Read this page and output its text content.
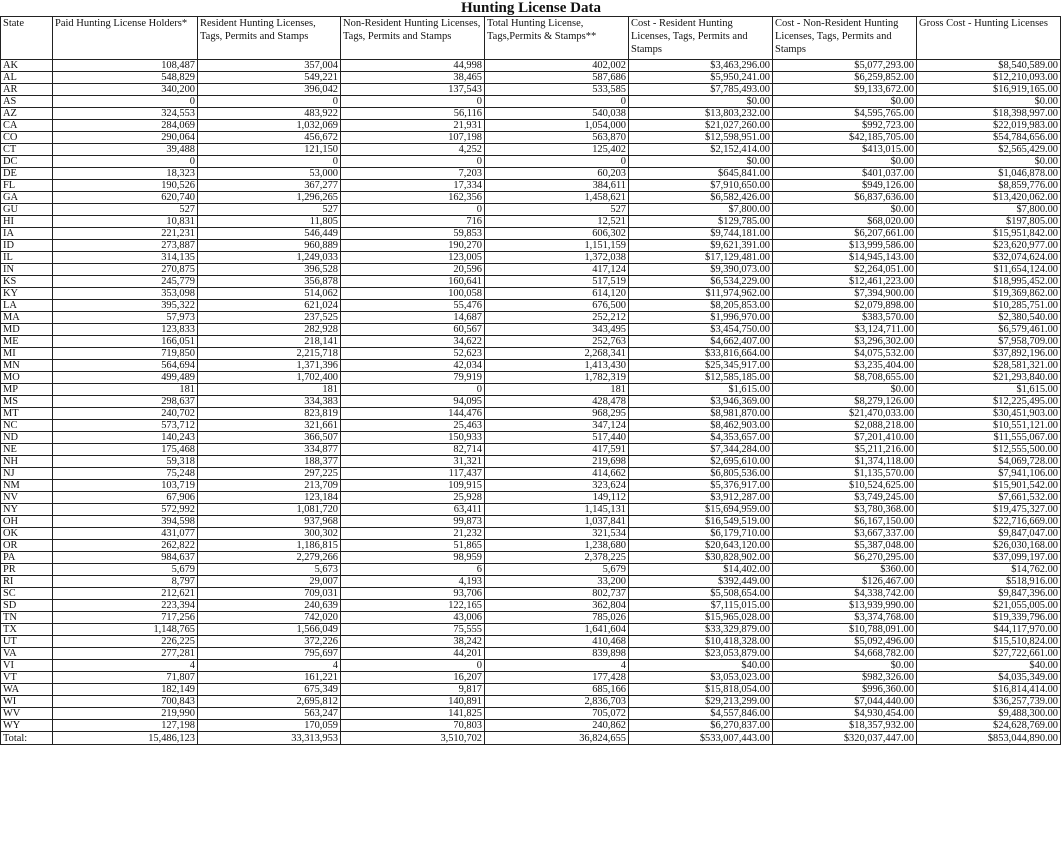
Hunting License Data
State	Paid Hunting License Holders*	Resident Hunting Licenses, Tags, Permits and Stamps	Non-Resident Hunting Licenses, Tags, Permits and Stamps	Total Hunting License, Tags,Permits & Stamps**	Cost - Resident Hunting Licenses, Tags, Permits and Stamps	Cost - Non-Resident Hunting Licenses, Tags, Permits and Stamps	Gross Cost - Hunting Licenses
AK	108,487	357,004	44,998	402,002	$3,463,296.00	$5,077,293.00	$8,540,589.00
AL	548,829	549,221	38,465	587,686	$5,950,241.00	$6,259,852.00	$12,210,093.00
AR	340,200	396,042	137,543	533,585	$7,785,493.00	$9,133,672.00	$16,919,165.00
AS	0	0	0	0	$0.00	$0.00	$0.00
AZ	324,553	483,922	56,116	540,038	$13,803,232.00	$4,595,765.00	$18,398,997.00
CA	284,069	1,032,069	21,931	1,054,000	$21,027,260.00	$992,723.00	$22,019,983.00
CO	290,064	456,672	107,198	563,870	$12,598,951.00	$42,185,705.00	$54,784,656.00
CT	39,488	121,150	4,252	125,402	$2,152,414.00	$413,015.00	$2,565,429.00
DC	0	0	0	0	$0.00	$0.00	$0.00
DE	18,323	53,000	7,203	60,203	$645,841.00	$401,037.00	$1,046,878.00
FL	190,526	367,277	17,334	384,611	$7,910,650.00	$949,126.00	$8,859,776.00
GA	620,740	1,296,265	162,356	1,458,621	$6,582,426.00	$6,837,636.00	$13,420,062.00
GU	527	527	0	527	$7,800.00	$0.00	$7,800.00
HI	10,831	11,805	716	12,521	$129,785.00	$68,020.00	$197,805.00
IA	221,231	546,449	59,853	606,302	$9,744,181.00	$6,207,661.00	$15,951,842.00
ID	273,887	960,889	190,270	1,151,159	$9,621,391.00	$13,999,586.00	$23,620,977.00
IL	314,135	1,249,033	123,005	1,372,038	$17,129,481.00	$14,945,143.00	$32,074,624.00
IN	270,875	396,528	20,596	417,124	$9,390,073.00	$2,264,051.00	$11,654,124.00
KS	245,779	356,878	160,641	517,519	$6,534,229.00	$12,461,223.00	$18,995,452.00
KY	353,098	514,062	100,058	614,120	$11,974,962.00	$7,394,900.00	$19,369,862.00
LA	395,322	621,024	55,476	676,500	$8,205,853.00	$2,079,898.00	$10,285,751.00
MA	57,973	237,525	14,687	252,212	$1,996,970.00	$383,570.00	$2,380,540.00
MD	123,833	282,928	60,567	343,495	$3,454,750.00	$3,124,711.00	$6,579,461.00
ME	166,051	218,141	34,622	252,763	$4,662,407.00	$3,296,302.00	$7,958,709.00
MI	719,850	2,215,718	52,623	2,268,341	$33,816,664.00	$4,075,532.00	$37,892,196.00
MN	564,694	1,371,396	42,034	1,413,430	$25,345,917.00	$3,235,404.00	$28,581,321.00
MO	499,489	1,702,400	79,919	1,782,319	$12,585,185.00	$8,708,655.00	$21,293,840.00
MP	181	181	0	181	$1,615.00	$0.00	$1,615.00
MS	298,637	334,383	94,095	428,478	$3,946,369.00	$8,279,126.00	$12,225,495.00
MT	240,702	823,819	144,476	968,295	$8,981,870.00	$21,470,033.00	$30,451,903.00
NC	573,712	321,661	25,463	347,124	$8,462,903.00	$2,088,218.00	$10,551,121.00
ND	140,243	366,507	150,933	517,440	$4,353,657.00	$7,201,410.00	$11,555,067.00
NE	175,468	334,877	82,714	417,591	$7,344,284.00	$5,211,216.00	$12,555,500.00
NH	59,318	188,377	31,321	219,698	$2,695,610.00	$1,374,118.00	$4,069,728.00
NJ	75,248	297,225	117,437	414,662	$6,805,536.00	$1,135,570.00	$7,941,106.00
NM	103,719	213,709	109,915	323,624	$5,376,917.00	$10,524,625.00	$15,901,542.00
NV	67,906	123,184	25,928	149,112	$3,912,287.00	$3,749,245.00	$7,661,532.00
NY	572,992	1,081,720	63,411	1,145,131	$15,694,959.00	$3,780,368.00	$19,475,327.00
OH	394,598	937,968	99,873	1,037,841	$16,549,519.00	$6,167,150.00	$22,716,669.00
OK	431,077	300,302	21,232	321,534	$6,179,710.00	$3,667,337.00	$9,847,047.00
OR	262,822	1,186,815	51,865	1,238,680	$20,643,120.00	$5,387,048.00	$26,030,168.00
PA	984,637	2,279,266	98,959	2,378,225	$30,828,902.00	$6,270,295.00	$37,099,197.00
PR	5,679	5,673	6	5,679	$14,402.00	$360.00	$14,762.00
RI	8,797	29,007	4,193	33,200	$392,449.00	$126,467.00	$518,916.00
SC	212,621	709,031	93,706	802,737	$5,508,654.00	$4,338,742.00	$9,847,396.00
SD	223,394	240,639	122,165	362,804	$7,115,015.00	$13,939,990.00	$21,055,005.00
TN	717,256	742,020	43,006	785,026	$15,965,028.00	$3,374,768.00	$19,339,796.00
TX	1,148,765	1,566,049	75,555	1,641,604	$33,329,879.00	$10,788,091.00	$44,117,970.00
UT	226,225	372,226	38,242	410,468	$10,418,328.00	$5,092,496.00	$15,510,824.00
VA	277,281	795,697	44,201	839,898	$23,053,879.00	$4,668,782.00	$27,722,661.00
VI	4	4	0	4	$40.00	$0.00	$40.00
VT	71,807	161,221	16,207	177,428	$3,053,023.00	$982,326.00	$4,035,349.00
WA	182,149	675,349	9,817	685,166	$15,818,054.00	$996,360.00	$16,814,414.00
WI	700,843	2,695,812	140,891	2,836,703	$29,213,299.00	$7,044,440.00	$36,257,739.00
WV	219,990	563,247	141,825	705,072	$4,557,846.00	$4,930,454.00	$9,488,300.00
WY	127,198	170,059	70,803	240,862	$6,270,837.00	$18,357,932.00	$24,628,769.00
Total:	15,486,123	33,313,953	3,510,702	36,824,655	$533,007,443.00	$320,037,447.00	$853,044,890.00
